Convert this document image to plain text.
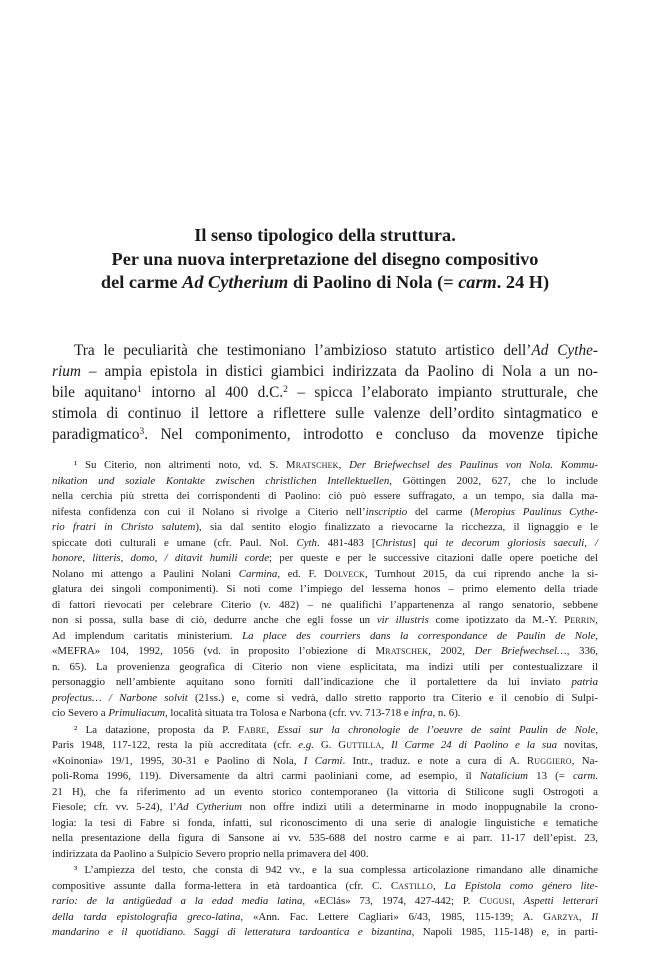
Il senso tipologico della struttura.
Per una nuova interpretazione del disegno compositivo
del carme Ad Cytherium di Paolino di Nola (= carm. 24 H)
Tra le peculiarità che testimoniano l’ambizioso statuto artistico dell’Ad Cythe-
rium – ampia epistola in distici giambici indirizzata da Paolino di Nola a un no-
bile aquitano$^1$ intorno al 400 d.C.$^2$ – spicca l’elaborato impianto strutturale, che
stimola di continuo il lettore a riflettere sulle valenze dell’ordito sintagmatico e
paradigmatico$^3$. Nel componimento, introdotto e concluso da movenze tipiche
¹ Su Citerio, non altrimenti noto, vd. S. Mratschek, Der Briefwechsel des Paulinus von Nola. Kommu-
nikation und soziale Kontakte zwischen christlichen Intellektuellen, Göttingen 2002, 627, che lo include
nella cerchia più stretta dei corrispondenti di Paolino: ciò può essere suffragato, a un tempo, sia dalla ma-
nifesta confidenza con cui il Nolano si rivolge a Citerio nell’inscriptio del carme (Meropius Paulinus Cythe-
rio fratri in Christo salutem), sia dal sentito elogio finalizzato a rievocarne la ricchezza, il lignaggio e le
spiccate doti culturali e umane (cfr. Paul. Nol. Cyth. 481-483 [Christus] qui te decorum gloriosis saeculi, /
honore, litteris, domo, / ditavit humili corde; per queste e per le successive citazioni dalle opere poetiche del
Nolano mi attengo a Paulini Nolani Carmina, ed. F. Dolveck, Turnhout 2015, da cui riprendo anche la si-
glatura dei singoli componimenti). Si noti come l’impiego del lessema honos – primo elemento della triade
di fattori rievocati per celebrare Citerio (v. 482) – ne qualifichi l’appartenenza al rango senatorio, sebbene
non si possa, sulla base di ciò, dedurre anche che egli fosse un vir illustris come ipotizzato da M.-Y. Perrin,
Ad implendum caritatis ministerium. La place des courriers dans la correspondance de Paulin de Nole,
«MEFRA» 104, 1992, 1056 (vd. in proposito l’obiezione di Mratschek, 2002, Der Briefwechsel…, 336,
n. 65). La provenienza geografica di Citerio non viene esplicitata, ma indizi utili per contestualizzare il
personaggio nell’ambiente aquitano sono forniti dall’indicazione che il portalettere da lui inviato patria
profectus… / Narbone solvit (21ss.) e, come si vedrà, dallo stretto rapporto tra Citerio e il cenobio di Sulpi-
cio Severo a Primuliacum, località situata tra Tolosa e Narbona (cfr. vv. 713-718 e infra, n. 6).
² La datazione, proposta da P. Fabre, Essai sur la chronologie de l’oeuvre de saint Paulin de Nole,
Paris 1948, 117-122, resta la più accreditata (cfr. e.g. G. Guttilla, Il Carme 24 di Paolino e la sua novitas,
«Koinonia» 19/1, 1995, 30-31 e Paolino di Nola, I Carmi. Intr., traduz. e note a cura di A. Ruggiero, Na-
poli-Roma 1996, 119). Diversamente da altri carmi paoliniani come, ad esempio, il Natalicium 13 (= carm.
21 H), che fa riferimento ad un evento storico contemporaneo (la vittoria di Stilicone sugli Ostrogoti a
Fiesole; cfr. vv. 5-24), l’Ad Cytherium non offre indizi utili a determinarne in modo inoppugnabile la crono-
logia: la tesi di Fabre si fonda, infatti, sul riconoscimento di una serie di analogie linguistiche e tematiche
nella presentazione della figura di Sansone ai vv. 535-688 del nostro carme e ai parr. 11-17 dell’epist. 23,
indirizzata da Paolino a Sulpicio Severo proprio nella primavera del 400.
³ L’ampiezza del testo, che consta di 942 vv., e la sua complessa articolazione rimandano alle dinamiche
compositive assunte dalla forma-lettera in età tardoantica (cfr. C. Castillo, La Epístola como género lite-
rario: de la antigüedad a la edad media latina, «EClás» 73, 1974, 427-442; P. Cugusi, Aspetti letterari
della tarda epistolografia greco-latina, «Ann. Fac. Lettere Cagliari» 6/43, 1985, 115-139; A. Garzya, Il
mandarino e il quotidiano. Saggi di letteratura tardoantica e bizantina, Napoli 1985, 115-148) e, in parti-
